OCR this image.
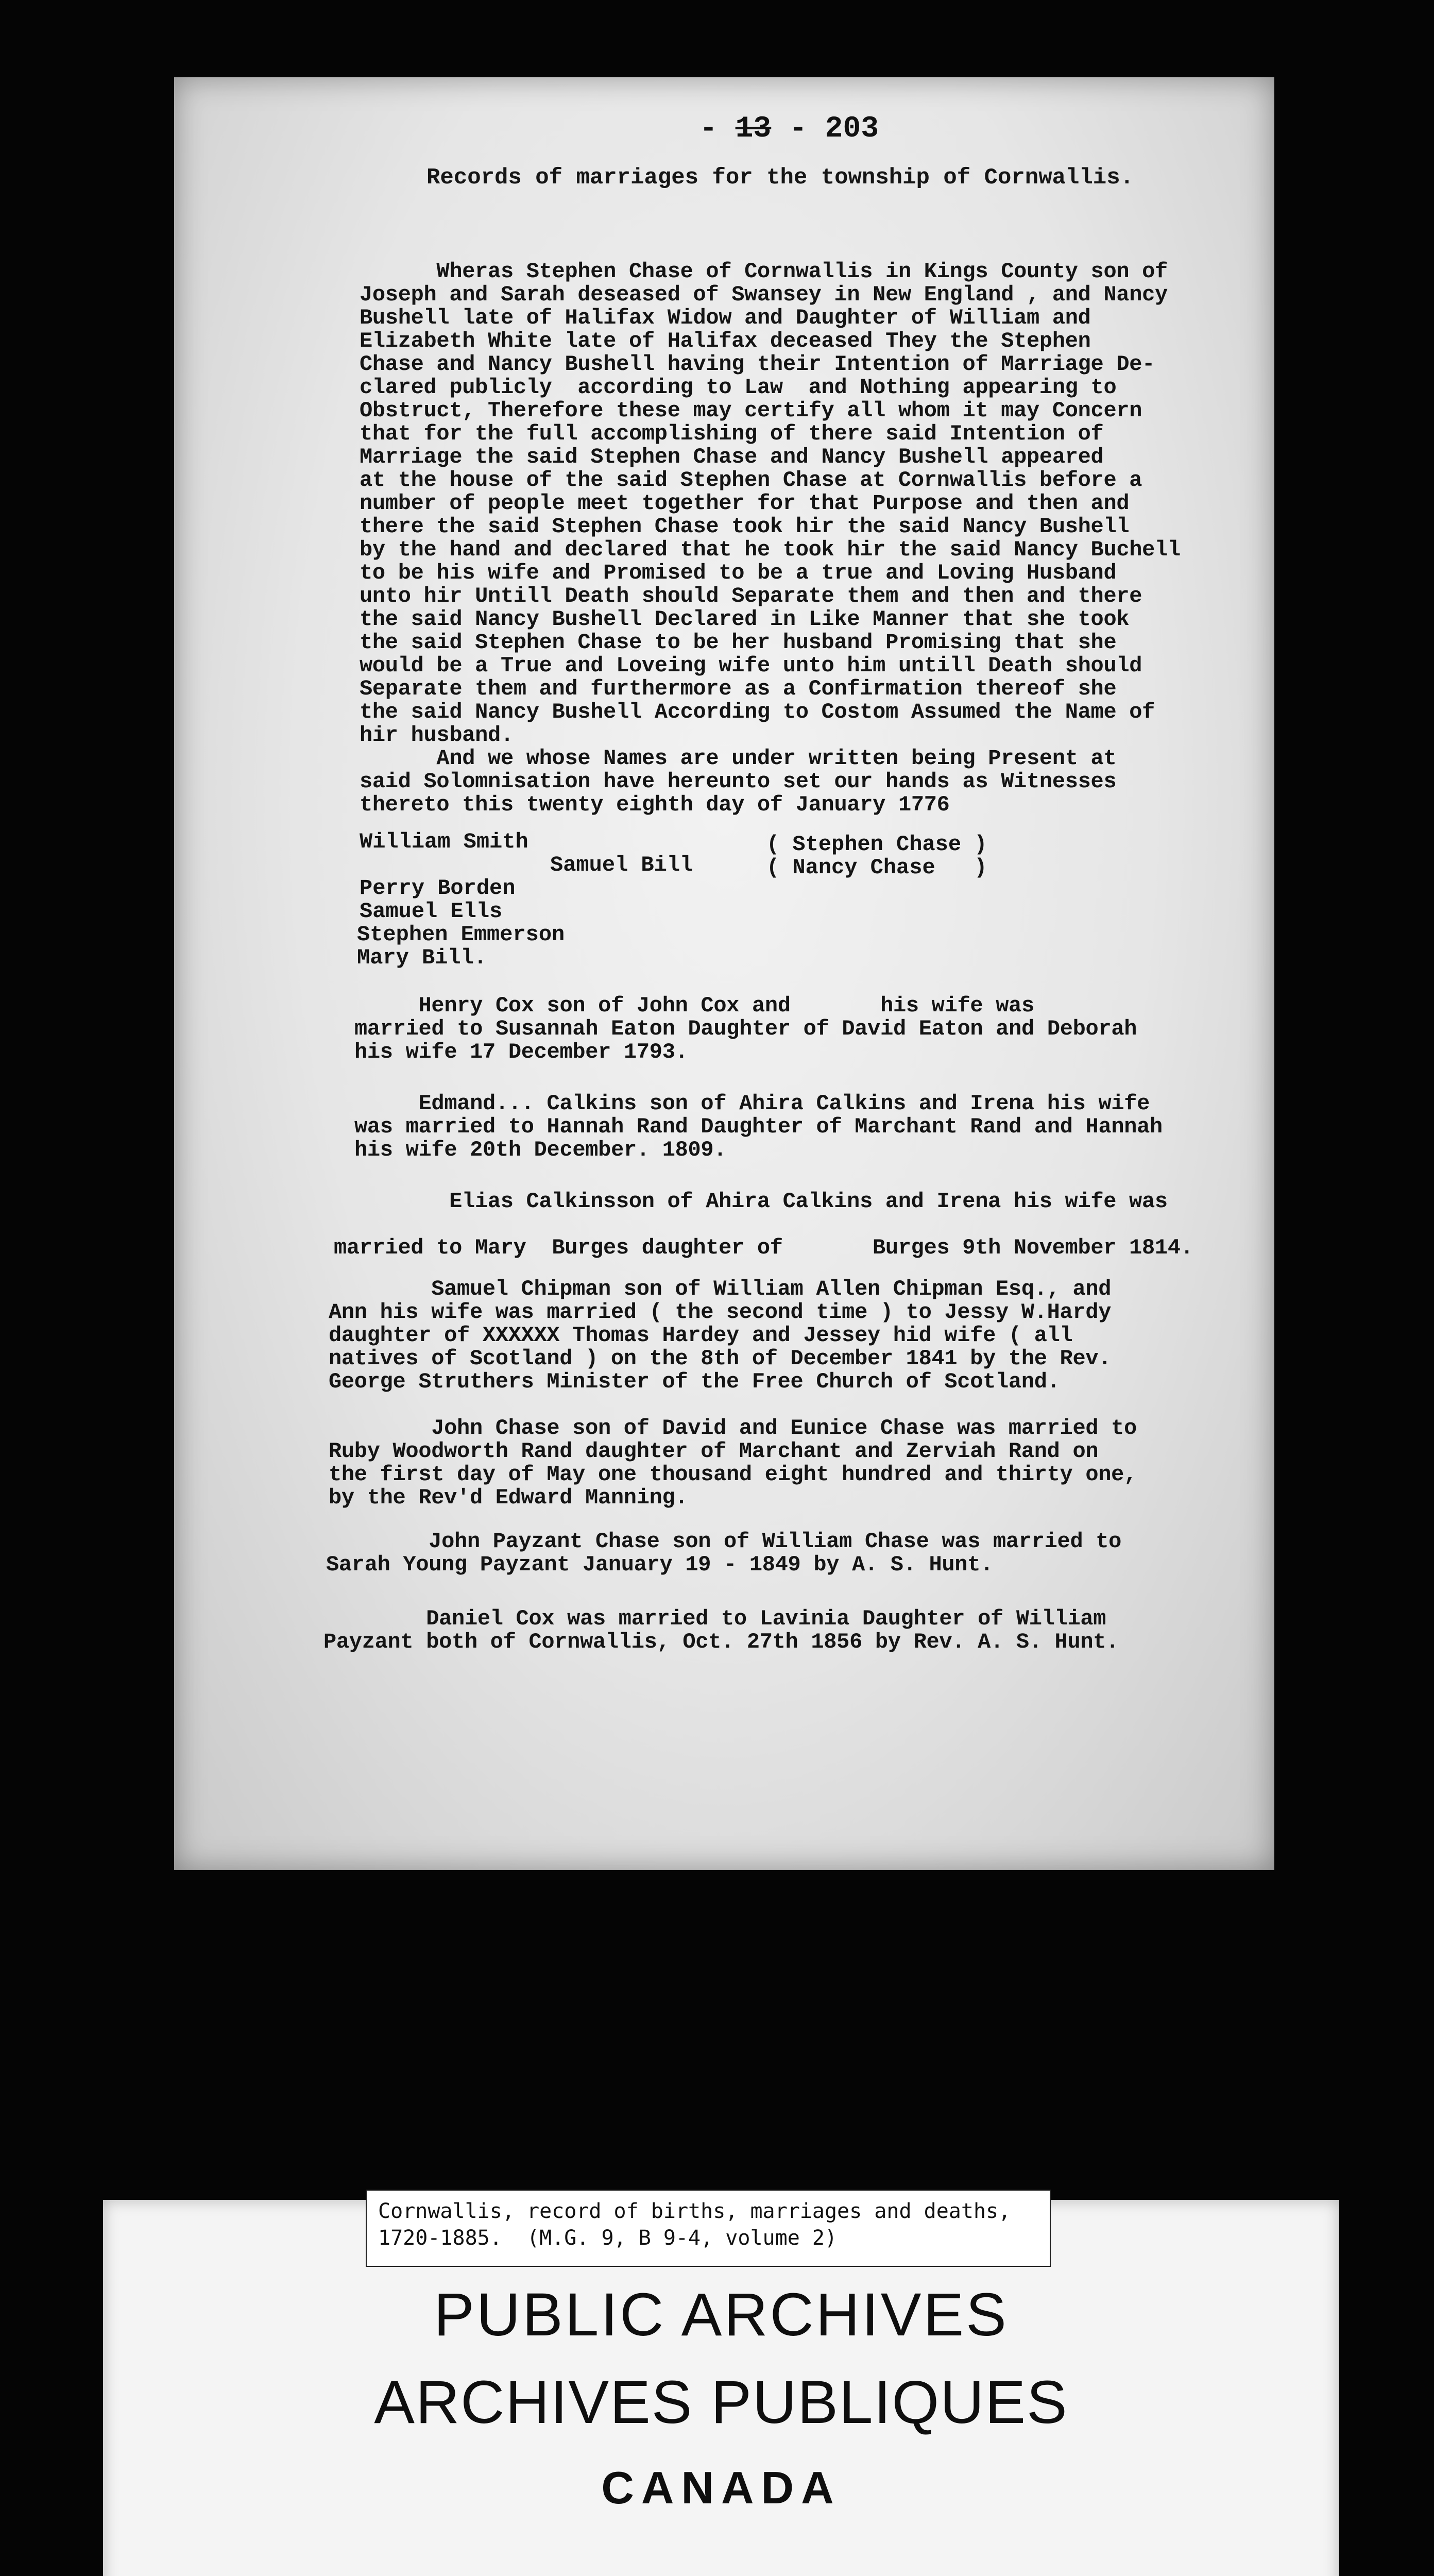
- 13 - 203
Records of marriages for the township of Cornwallis.
Wheras Stephen Chase of Cornwallis in Kings County son of
Joseph and Sarah deseased of Swansey in New England , and Nancy
Bushell late of Halifax Widow and Daughter of William and
Elizabeth White late of Halifax deceased They the Stephen
Chase and Nancy Bushell having their Intention of Marriage De-
clared publicly  according to Law  and Nothing appearing to
Obstruct, Therefore these may certify all whom it may Concern
that for the full accomplishing of there said Intention of
Marriage the said Stephen Chase and Nancy Bushell appeared
at the house of the said Stephen Chase at Cornwallis before a
number of people meet together for that Purpose and then and
there the said Stephen Chase took hir the said Nancy Bushell
by the hand and declared that he took hir the said Nancy Buchell
to be his wife and Promised to be a true and Loving Husband
unto hir Untill Death should Separate them and then and there
the said Nancy Bushell Declared in Like Manner that she took
the said Stephen Chase to be her husband Promising that she
would be a True and Loveing wife unto him untill Death should
Separate them and furthermore as a Confirmation thereof she
the said Nancy Bushell According to Costom Assumed the Name of
hir husband.
And we whose Names are under written being Present at
said Solomnisation have hereunto set our hands as Witnesses
thereto this twenty eighth day of January 1776
William Smith
Samuel Bill
( Stephen Chase )
( Nancy Chase   )
Perry Borden
Samuel Ells
Stephen Emmerson
Mary Bill.
Henry Cox son of John Cox and       his wife was
married to Susannah Eaton Daughter of David Eaton and Deborah
his wife 17 December 1793.
Edmand... Calkins son of Ahira Calkins and Irena his wife
was married to Hannah Rand Daughter of Marchant Rand and Hannah
his wife 20th December. 1809.
Elias Calkinsson of Ahira Calkins and Irena his wife was

married to Mary  Burges daughter of       Burges 9th November 1814.
Samuel Chipman son of William Allen Chipman Esq., and
Ann his wife was married ( the second time ) to Jessy W.Hardy
daughter of XXXXXX Thomas Hardey and Jessey hid wife ( all
natives of Scotland ) on the 8th of December 1841 by the Rev.
George Struthers Minister of the Free Church of Scotland.
John Chase son of David and Eunice Chase was married to
Ruby Woodworth Rand daughter of Marchant and Zerviah Rand on
the first day of May one thousand eight hundred and thirty one,
by the Rev'd Edward Manning.
John Payzant Chase son of William Chase was married to
Sarah Young Payzant January 19 - 1849 by A. S. Hunt.
Daniel Cox was married to Lavinia Daughter of William
Payzant both of Cornwallis, Oct. 27th 1856 by Rev. A. S. Hunt.
Cornwallis, record of births, marriages and deaths,
1720-1885.  (M.G. 9, B 9-4, volume 2)
PUBLIC ARCHIVES
ARCHIVES PUBLIQUES
CANADA
